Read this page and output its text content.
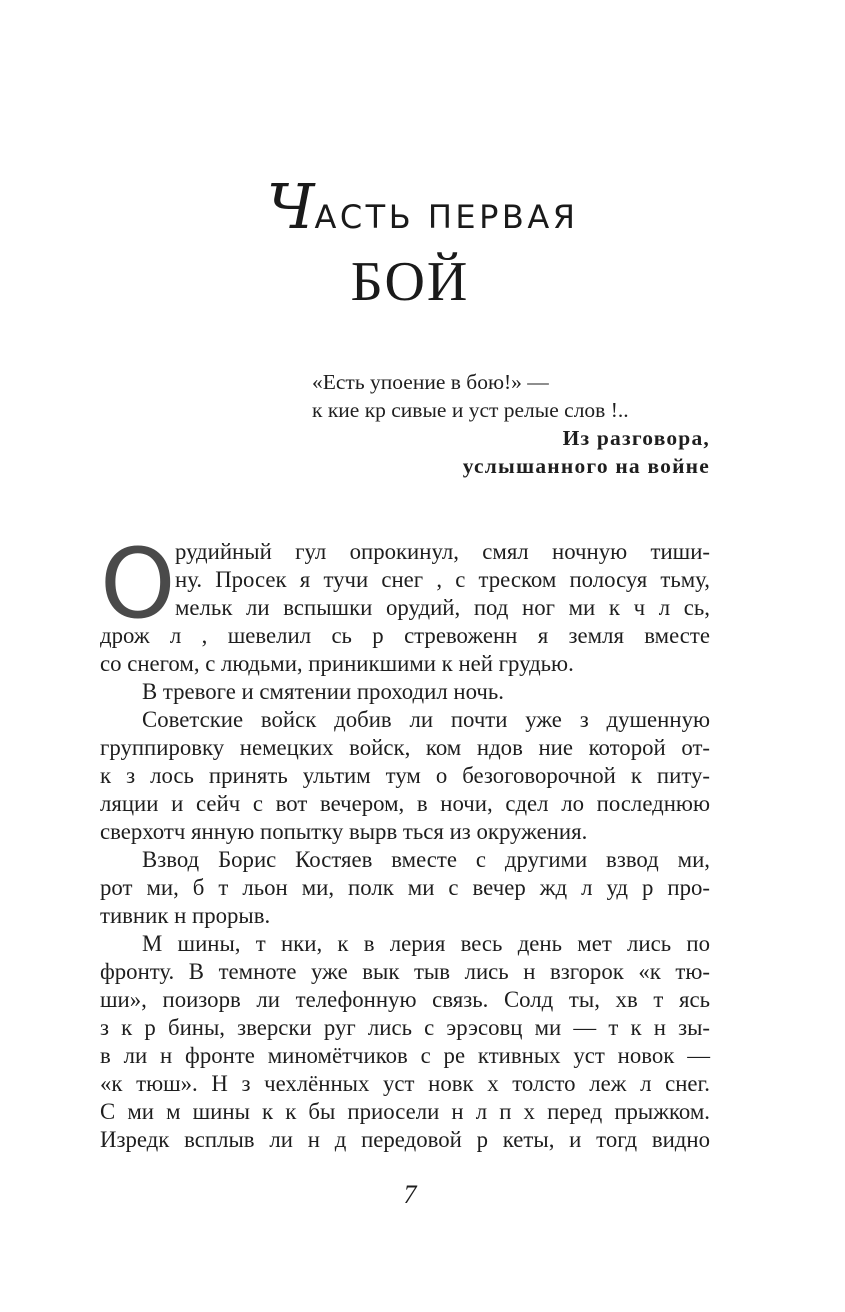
ЧАСТЬ ПЕРВАЯ
БОЙ
«Есть упоение в бою!» —
к кие кр сивые и уст релые слов !..
Из разговора,
услышанного на войне
О рудийный гул опрокинул, смял ночную тиши-
ну. Просек я тучи снег , с треском полосуя тьму,
мельк ли вспышки орудий, под ног ми к ч л сь,
дрож л , шевелил сь р стревоженн я земля вместе
со снегом, с людьми, приникшими к ней грудью.
В тревоге и смятении проходил ночь.
Советские войск добив ли почти уже з душенную
группировку немецких войск, ком ндов ние которой от-
к з лось принять ультим тум о безоговорочной к питу-
ляции и сейч с вот вечером, в ночи, сдел ло последнюю
сверхотч янную попытку вырв ться из окружения.
Взвод Борис Костяев вместе с другими взвод ми,
рот ми, б т льон ми, полк ми с вечер жд л уд р про-
тивник н прорыв.
М шины, т нки, к в лерия весь день мет лись по
фронту. В темноте уже вык тыв лись н взгорок «к тю-
ши», поизорв ли телефонную связь. Солд ты, хв т ясь
з к р бины, зверски руг лись с эрэсовц ми — т к н зы-
в ли н фронте миномётчиков с ре ктивных уст новок —
«к тюш». Н з чехлённых уст новк х толсто леж л снег.
С ми м шины к к бы приосели н л п х перед прыжком.
Изредк всплыв ли н д передовой р кеты, и тогд видно
7
